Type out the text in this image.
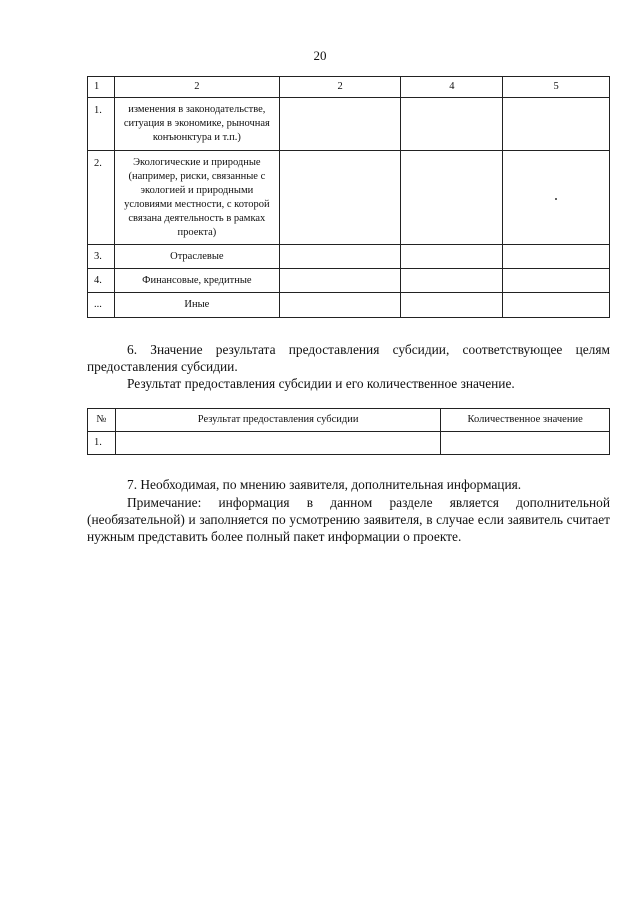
20
1	2	2	4	5
1.	изменения в законодательстве, ситуация в экономике, рыночная конъюнктура и т.п.)			
2.	Экологические и природные (например, риски, связанные с экологией и природными условиями местности, с которой связана деятельность в рамках проекта)			
3.	Отраслевые			
4.	Финансовые, кредитные			
...	Иные			
6. Значение результата предоставления субсидии, соответствующее целям предоставления субсидии.
Результат предоставления субсидии и его количественное значение.
№	Результат предоставления субсидии	Количественное значение
1.		
7. Необходимая, по мнению заявителя, дополнительная информация.
Примечание: информация в данном разделе является дополнительной (необязательной) и заполняется по усмотрению заявителя, в случае если заявитель считает нужным представить более полный пакет информации о проекте.
